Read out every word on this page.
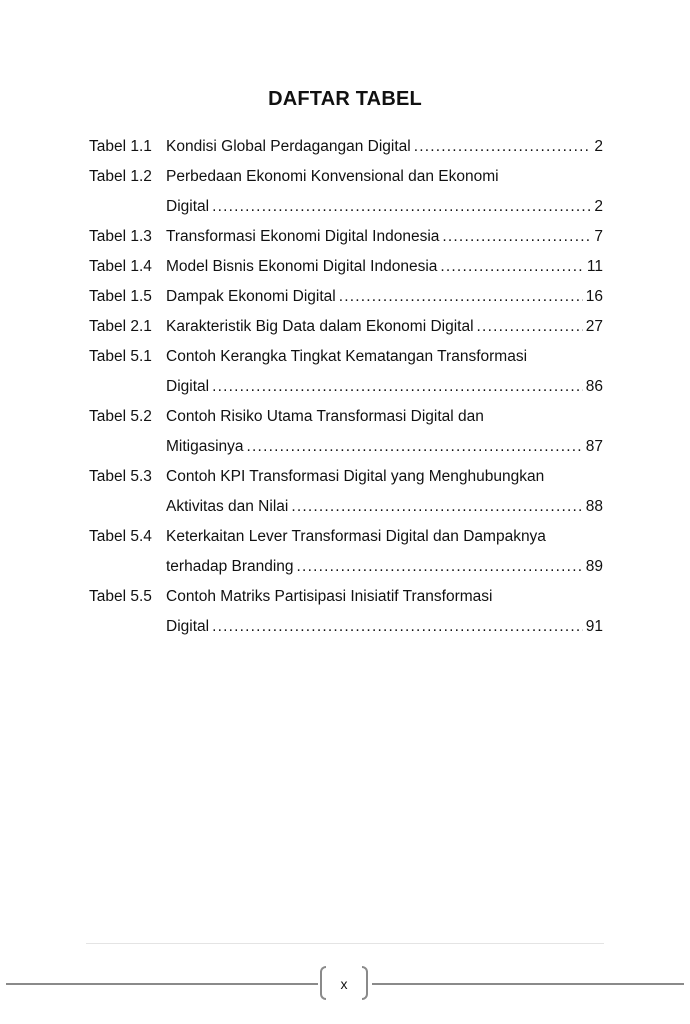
DAFTAR TABEL
Tabel 1.1 Kondisi Global Perdagangan Digital . . .	2
Tabel 1.2 Perbedaan Ekonomi Konvensional dan Ekonomi
Digital . . .	2
Tabel 1.3 Transformasi Ekonomi Digital Indonesia . . .	7
Tabel 1.4 Model Bisnis Ekonomi Digital Indonesia . . .	11
Tabel 1.5 Dampak Ekonomi Digital . . .	16
Tabel 2.1 Karakteristik Big Data dalam Ekonomi Digital . . .	27
Tabel 5.1 Contoh Kerangka Tingkat Kematangan Transformasi
Digital . . .	86
Tabel 5.2 Contoh Risiko Utama Transformasi Digital dan
Mitigasinya . . .	87
Tabel 5.3 Contoh KPI Transformasi Digital yang Menghubungkan
Aktivitas dan Nilai . . .	88
Tabel 5.4 Keterkaitan Lever Transformasi Digital dan Dampaknya
terhadap Branding . . .	89
Tabel 5.5 Contoh Matriks Partisipasi Inisiatif Transformasi
Digital . . .	91
x
